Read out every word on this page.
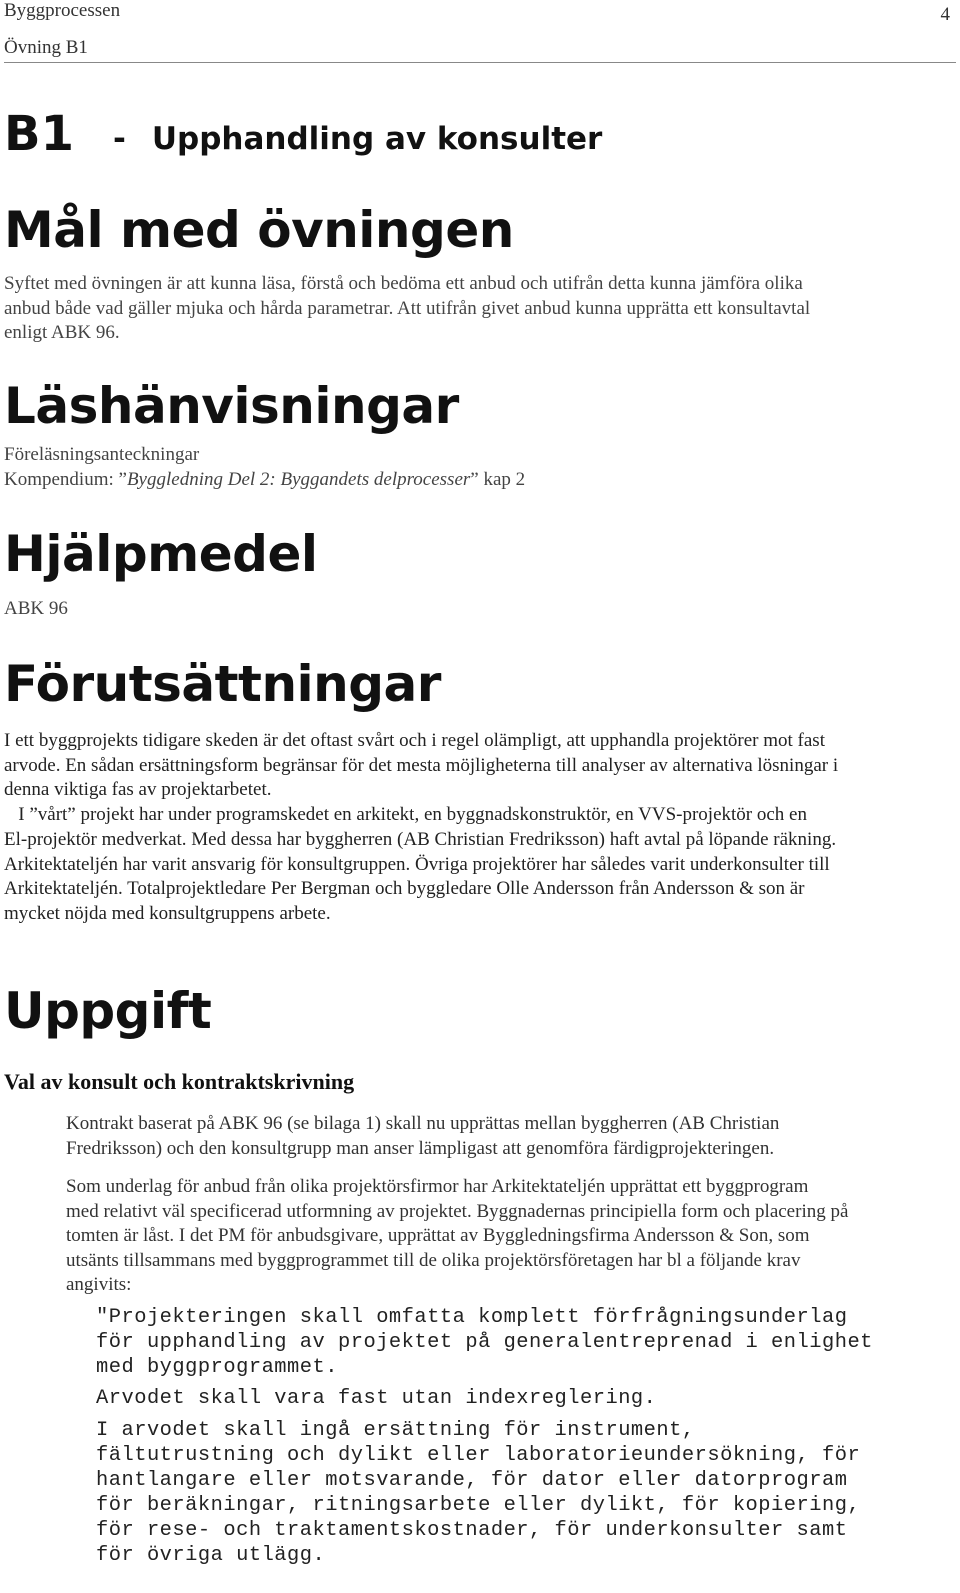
Byggprocessen
Övning B1
4
B1 - Upphandling av konsulter
Mål med övningen
Syftet med övningen är att kunna läsa, förstå och bedöma ett anbud och utifrån detta kunna jämföra olika
anbud både vad gäller mjuka och hårda parametrar. Att utifrån givet anbud kunna upprätta ett konsultavtal
enligt ABK 96.
Läshänvisningar
Föreläsningsanteckningar
Kompendium: ”Byggledning Del 2: Byggandets delprocesser” kap 2
Hjälpmedel
ABK 96
Förutsättningar
I ett byggprojekts tidigare skeden är det oftast svårt och i regel olämpligt, att upphandla projektörer mot fast
arvode. En sådan ersättningsform begränsar för det mesta möjligheterna till analyser av alternativa lösningar i
denna viktiga fas av projektarbetet.
I ”vårt” projekt har under programskedet en arkitekt, en byggnadskonstruktör, en VVS-projektör och en
El-projektör medverkat. Med dessa har byggherren (AB Christian Fredriksson) haft avtal på löpande räkning.
Arkitektateljén har varit ansvarig för konsultgruppen. Övriga projektörer har således varit underkonsulter till
Arkitektateljén. Totalprojektledare Per Bergman och byggledare Olle Andersson från Andersson & son är
mycket nöjda med konsultgruppens arbete.
Uppgift
Val av konsult och kontraktskrivning
Kontrakt baserat på ABK 96 (se bilaga 1) skall nu upprättas mellan byggherren (AB Christian
Fredriksson) och den konsultgrupp man anser lämpligast att genomföra färdigprojekteringen.
Som underlag för anbud från olika projektörsfirmor har Arkitektateljén upprättat ett byggprogram
med relativt väl specificerad utformning av projektet. Byggnadernas principiella form och placering på
tomten är låst. I det PM för anbudsgivare, upprättat av Byggledningsfirma Andersson & Son, som
utsänts tillsammans med byggprogrammet till de olika projektörsföretagen har bl a följande krav
angivits:
"Projekteringen skall omfatta komplett förfrågningsunderlag
för upphandling av projektet på generalentreprenad i enlighet
med byggprogrammet.
Arvodet skall vara fast utan indexreglering.
I arvodet skall ingå ersättning för instrument,
fältutrustning och dylikt eller laboratorieundersökning, för
hantlangare eller motsvarande, för dator eller datorprogram
för beräkningar, ritningsarbete eller dylikt, för kopiering,
för rese- och traktamentskostnader, för underkonsulter samt
för övriga utlägg.
